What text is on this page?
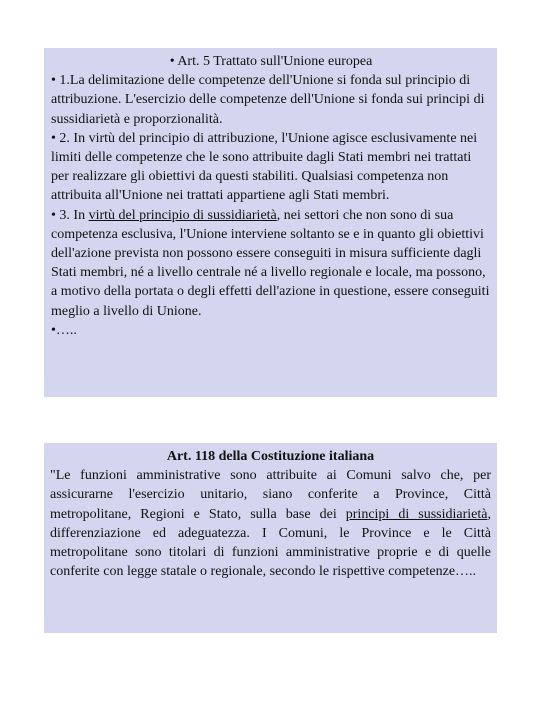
• Art. 5 Trattato sull'Unione europea

• 1.La delimitazione delle competenze dell'Unione si fonda sul principio di attribuzione. L'esercizio delle competenze dell'Unione si fonda sui principi di sussidiarietà e proporzionalità.

• 2. In virtù del principio di attribuzione, l'Unione agisce esclusivamente nei limiti delle competenze che le sono attribuite dagli Stati membri nei trattati per realizzare gli obiettivi da questi stabiliti. Qualsiasi competenza non attribuita all'Unione nei trattati appartiene agli Stati membri.

• 3. In virtù del principio di sussidiarietà, nei settori che non sono di sua competenza esclusiva, l'Unione interviene soltanto se e in quanto gli obiettivi dell'azione prevista non possono essere conseguiti in misura sufficiente dagli Stati membri, né a livello centrale né a livello regionale e locale, ma possono, a motivo della portata o degli effetti dell'azione in questione, essere conseguiti meglio a livello di Unione.

•…..

Art. 118 della Costituzione italiana

"Le funzioni amministrative sono attribuite ai Comuni salvo che, per assicurarne l'esercizio unitario, siano conferite a Province, Città metropolitane, Regioni e Stato, sulla base dei principi di sussidiarietà, differenziazione ed adeguatezza. I Comuni, le Province e le Città metropolitane sono titolari di funzioni amministrative proprie e di quelle conferite con legge statale o regionale, secondo le rispettive competenze…..
